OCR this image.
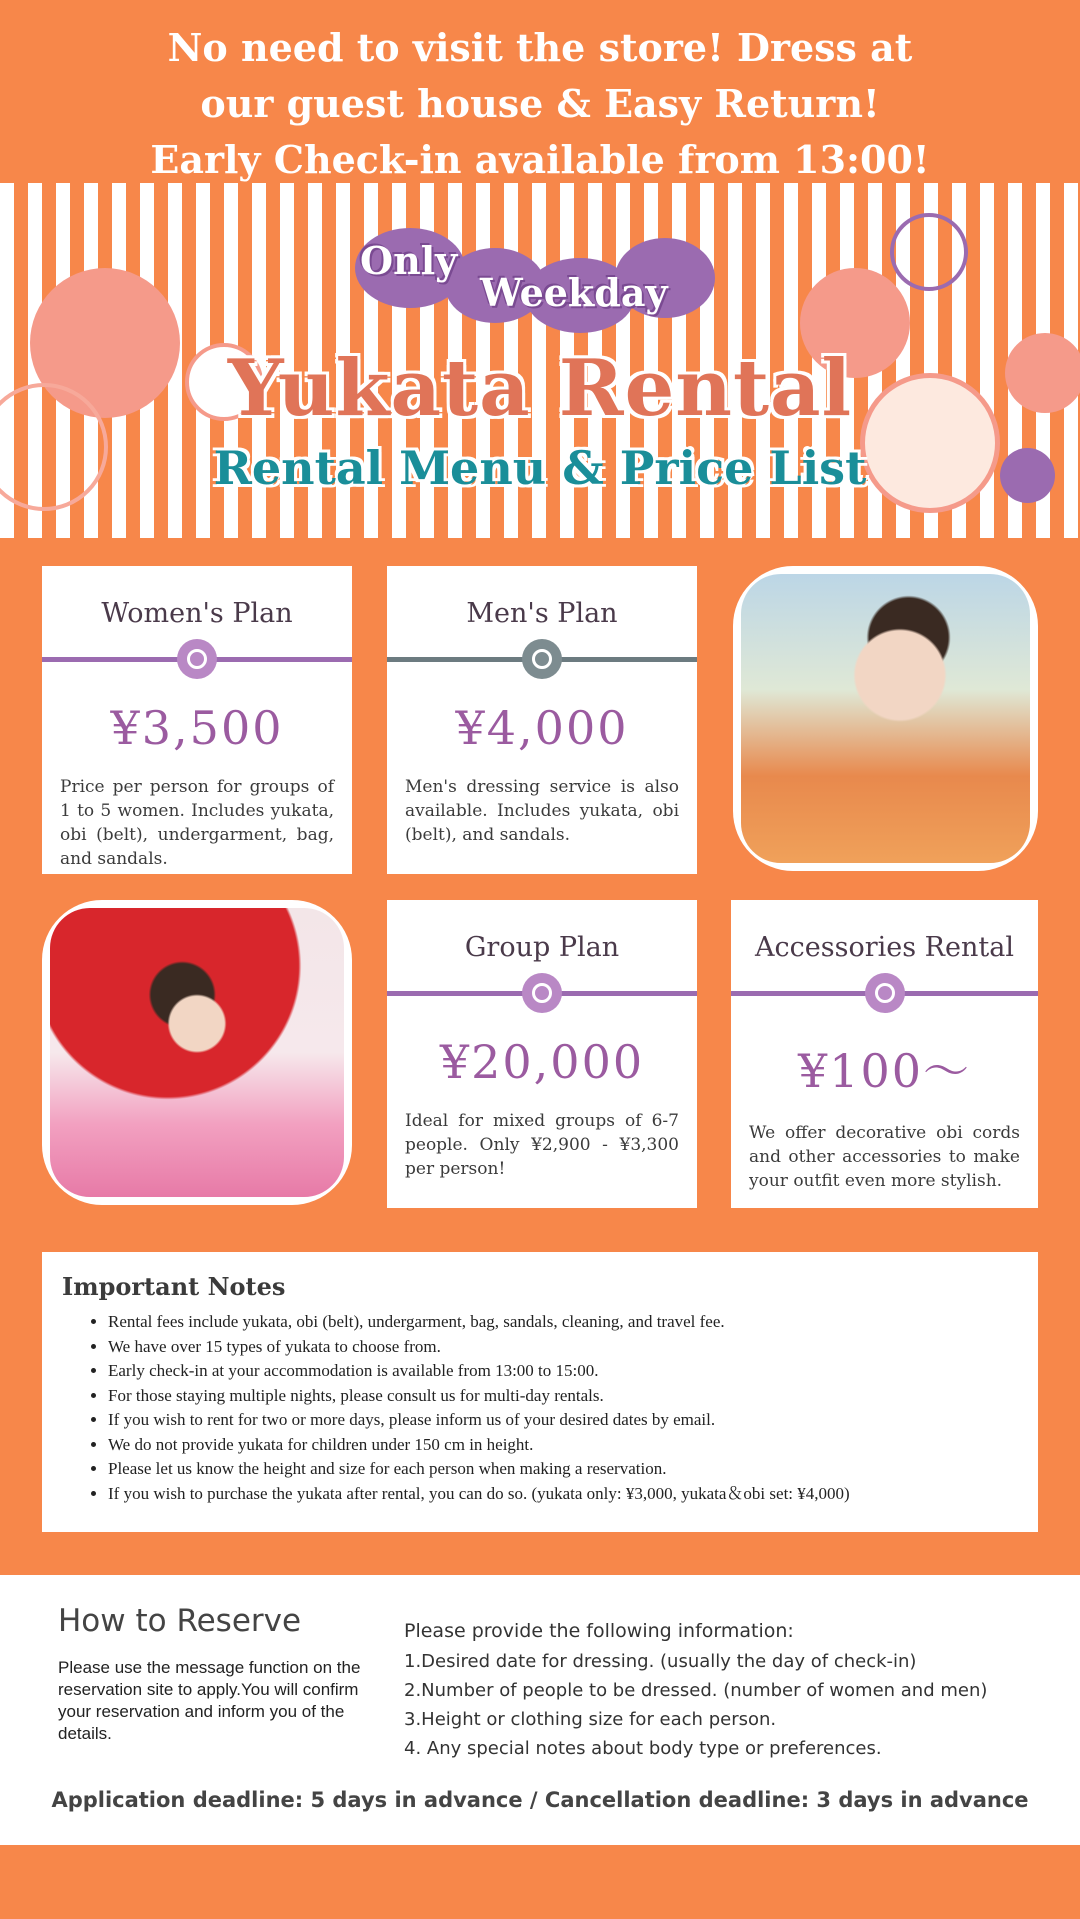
No need to visit the store! Dress at
our guest house & Easy Return!
Early Check-in available from 13:00!
Only
Weekday
Yukata Rental
Rental Menu & Price List
Women's Plan
¥3,500
Price per person for groups of 1 to 5 women. Includes yukata, obi (belt), undergarment, bag, and sandals.
Men's Plan
¥4,000
Men's dressing service is also available. Includes yukata, obi (belt), and sandals.
Group Plan
¥20,000
Ideal for mixed groups of 6-7 people. Only ¥2,900 - ¥3,300 per person!
Accessories Rental
¥100～
We offer decorative obi cords and other accessories to make your outfit even more stylish.
Important Notes
• Rental fees include yukata, obi (belt), undergarment, bag, sandals, cleaning, and travel fee.
• We have over 15 types of yukata to choose from.
• Early check-in at your accommodation is available from 13:00 to 15:00.
• For those staying multiple nights, please consult us for multi-day rentals.
• If you wish to rent for two or more days, please inform us of your desired dates by email.
• We do not provide yukata for children under 150 cm in height.
• Please let us know the height and size for each person when making a reservation.
• If you wish to purchase the yukata after rental, you can do so. (yukata only: ¥3,000, yukata＆obi set: ¥4,000)
How to Reserve
Please use the message function on the reservation site to apply.You will confirm your reservation and inform you of the details.
Please provide the following information:
1.Desired date for dressing. (usually the day of check-in)
2.Number of people to be dressed. (number of women and men)
3.Height or clothing size for each person.
4. Any special notes about body type or preferences.
Application deadline: 5 days in advance / Cancellation deadline: 3 days in advance
